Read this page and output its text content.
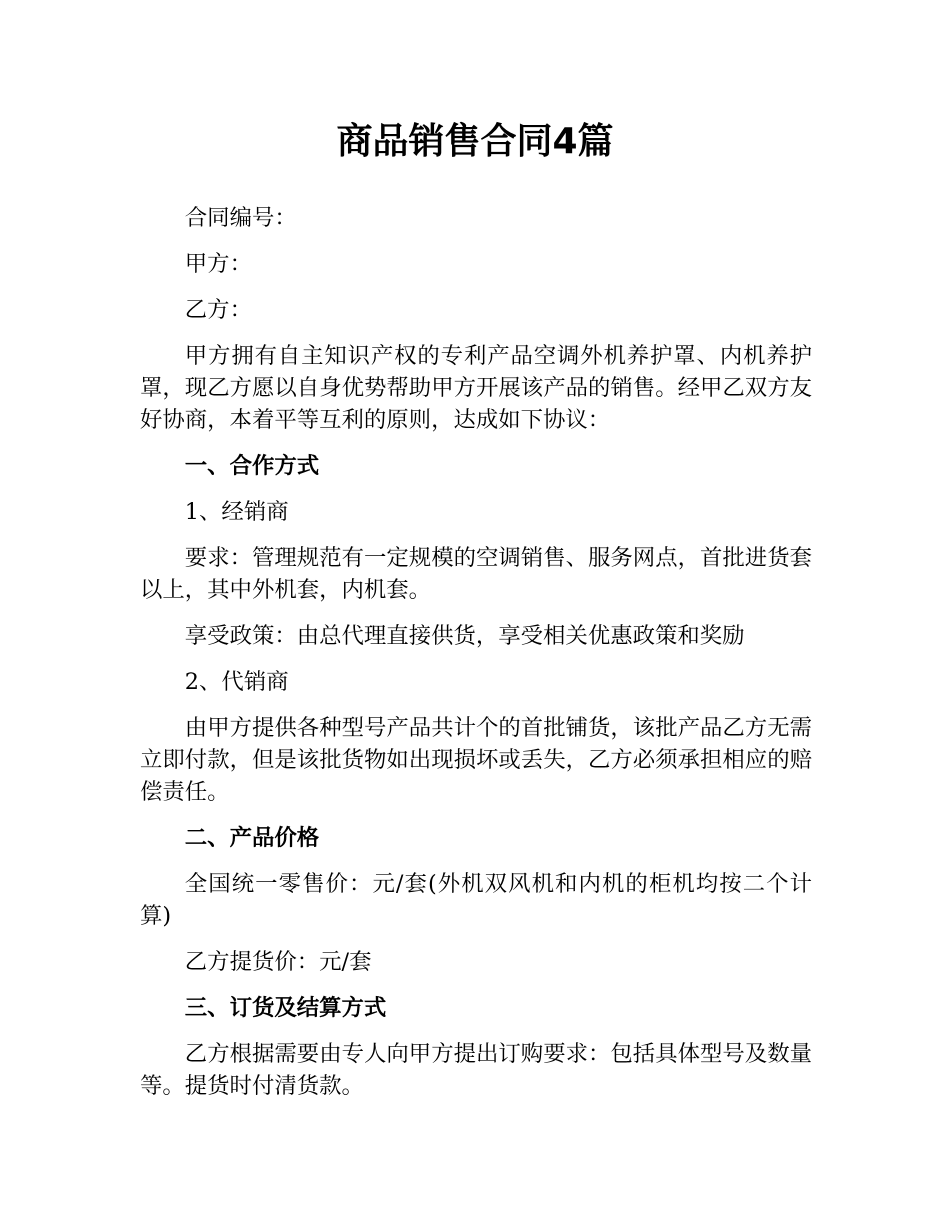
商品销售合同4篇

合同编号：

甲方：

乙方：

甲方拥有自主知识产权的专利产品空调外机养护罩、内机养护罩，现乙方愿以自身优势帮助甲方开展该产品的销售。经甲乙双方友好协商，本着平等互利的原则，达成如下协议：

一、合作方式

1、经销商

要求：管理规范有一定规模的空调销售、服务网点，首批进货套以上，其中外机套，内机套。

享受政策：由总代理直接供货，享受相关优惠政策和奖励

2、代销商

由甲方提供各种型号产品共计个的首批铺货，该批产品乙方无需立即付款，但是该批货物如出现损坏或丢失，乙方必须承担相应的赔偿责任。

二、产品价格

全国统一零售价：元/套(外机双风机和内机的柜机均按二个计算)

乙方提货价：元/套

三、订货及结算方式

乙方根据需要由专人向甲方提出订购要求：包括具体型号及数量等。提货时付清货款。
